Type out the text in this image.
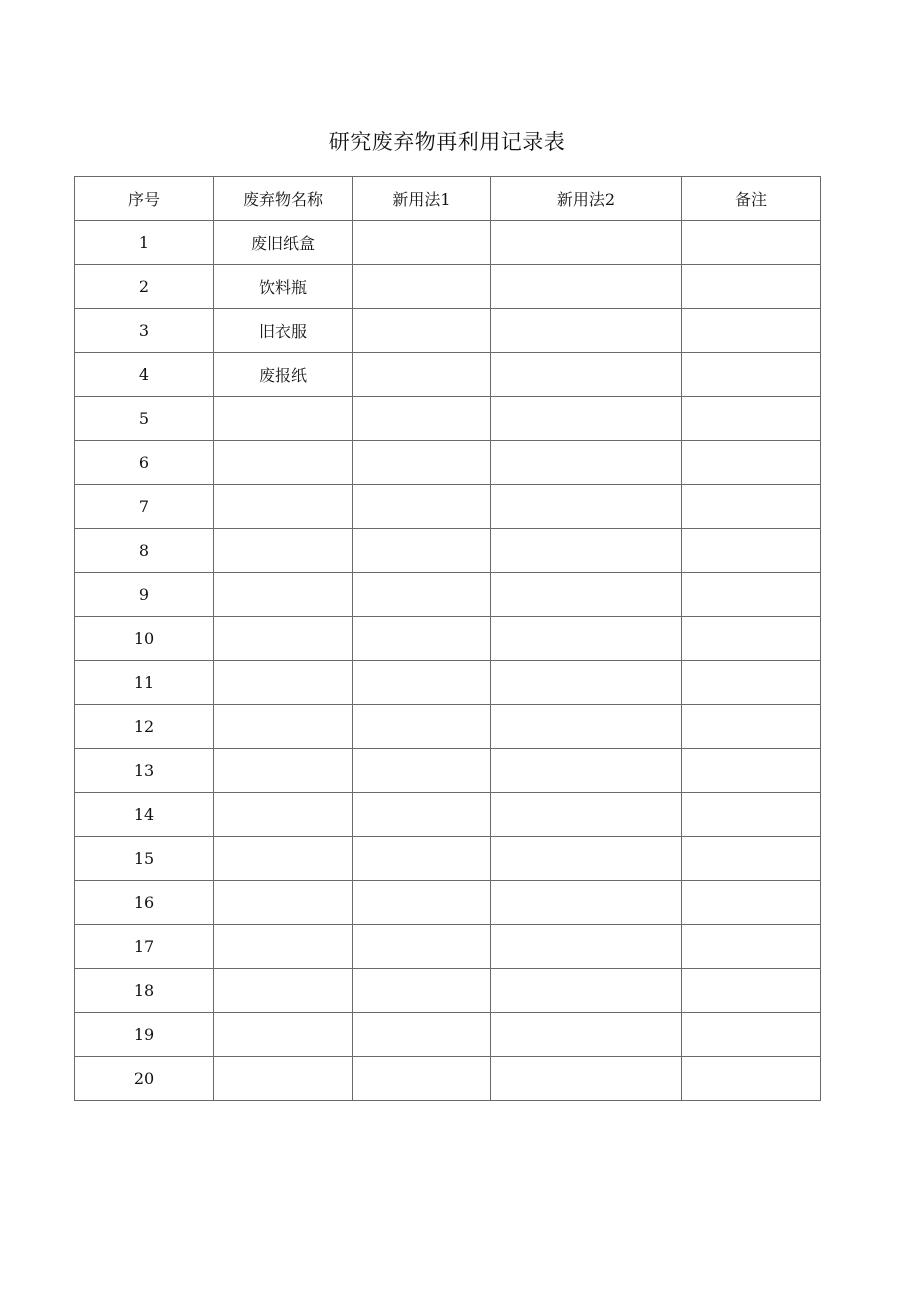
研究废弃物再利用记录表
序号	废弃物名称	新用法1	新用法2	备注
1	废旧纸盒			
2	饮料瓶			
3	旧衣服			
4	废报纸			
5				
6				
7				
8				
9				
10				
11				
12				
13				
14				
15				
16				
17				
18				
19				
20				
